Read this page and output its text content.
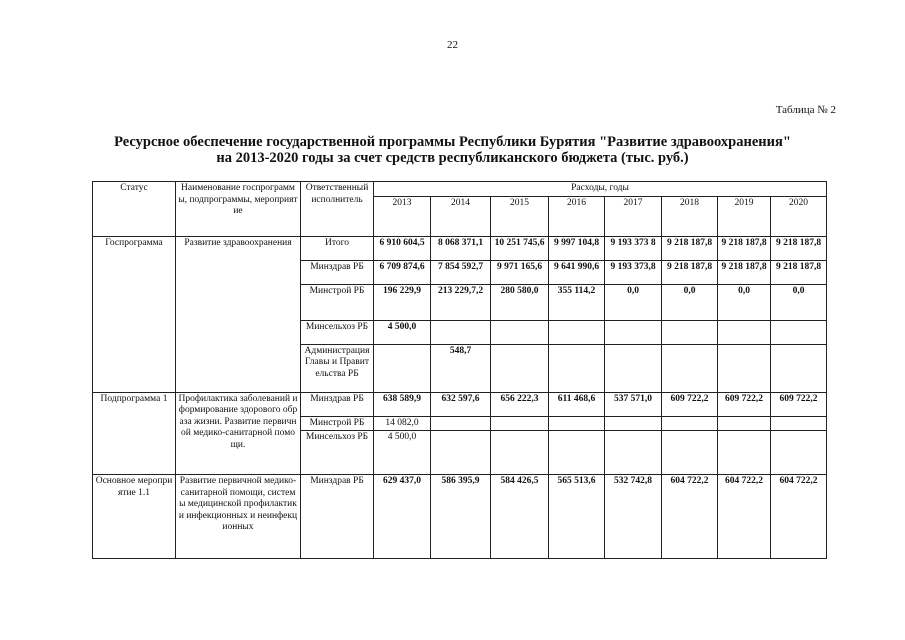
22
Таблица № 2
Ресурсное обеспечение государственной программы Республики Бурятия "Развитие здравоохранения"
на 2013-2020 годы за счет средств республиканского бюджета (тыс. руб.)
Статус	Наименование госпрограммы, подпрограммы, мероприятие	Ответственный исполнитель	Расходы, годы							
			2013	2014	2015	2016	2017	2018	2019	2020
Госпрограмма	Развитие здравоохранения	Итого	6 910 604,5	8 068 371,1	10 251 745,6	9 997 104,8	9 193 373 8	9 218 187,8	9 218 187,8	9 218 187,8
		Минздрав РБ	6 709 874,6	7 854 592,7	9 971 165,6	9 641 990,6	9 193 373,8	9 218 187,8	9 218 187,8	9 218 187,8
		Минстрой РБ	196 229,9	213 229,7,2	280 580,0	355 114,2	0,0	0,0	0,0	0,0
		Минсельхоз РБ	4 500,0							
		Администрация Главы и Правительства РБ		548,7						
Подпрограмма 1	Профилактика заболеваний и формирование здорового образа жизни. Развитие первичной медико-санитарной помощи.	Минздрав РБ	638 589,9	632 597,6	656 222,3	611 468,6	537 571,0	609 722,2	609 722,2	609 722,2
		Минстрой РБ	14 082,0							
		Минсельхоз РБ	4 500,0							
Основное мероприятие 1.1	Развитие первичной медико-санитарной помощи, системы медицинской профилактики инфекционных и неинфекционных	Минздрав РБ	629 437,0	586 395,9	584 426,5	565 513,6	532 742,8	604 722,2	604 722,2	604 722,2
